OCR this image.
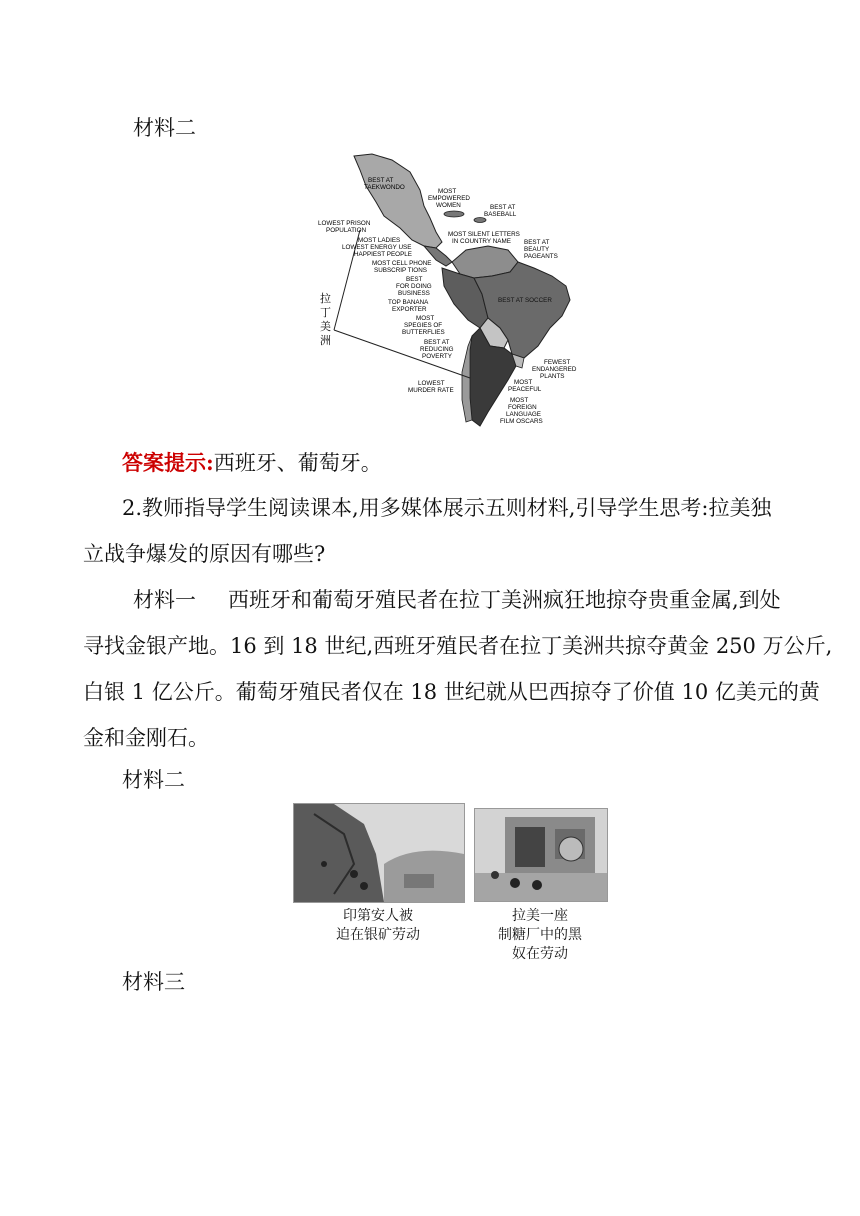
材料二
拉
丁
美
洲
BEST AT
TAEKWONDO
MOST
EMPOWERED
WOMEN	BEST AT
BASEBALL
LOWEST PRISON
POPULATION
MOST SILENT LETTERS
IN COUNTRY NAME BEST AT
BEAUTY
PAGEANTS
MOST LADIES
LOWEST ENERGY USE
HAPPIEST PEOPLE
MOST CELL PHONE
SUBSCRIP TIONS
BEST
FOR DOING
BUSINESS
TOP BANANA
EXPORTER
BEST AT SOCCER
MOST
SPEGIES OF
BUTTERFLIES
BEST AT
REDUCING
POVERTY
FEWEST
ENDANGERED
PLANTS
LOWEST
MURDER RATE
MOST
PEACEFUL
MOST
FOREIGN
LANGUAGE
FILM OSCARS
答案提示:西班牙、葡萄牙。
2.教师指导学生阅读课本,用多媒体展示五则材料,引导学生思考:拉美独
立战争爆发的原因有哪些?
材料一 西班牙和葡萄牙殖民者在拉丁美洲疯狂地掠夺贵重金属,到处
寻找金银产地。16 到 18 世纪,西班牙殖民者在拉丁美洲共掠夺黄金 250 万公斤,
白银 1 亿公斤。葡萄牙殖民者仅在 18 世纪就从巴西掠夺了价值 10 亿美元的黄
金和金刚石。
材料二
印第安人被
迫在银矿劳动
拉美一座
制糖厂中的黑
奴在劳动
材料三
